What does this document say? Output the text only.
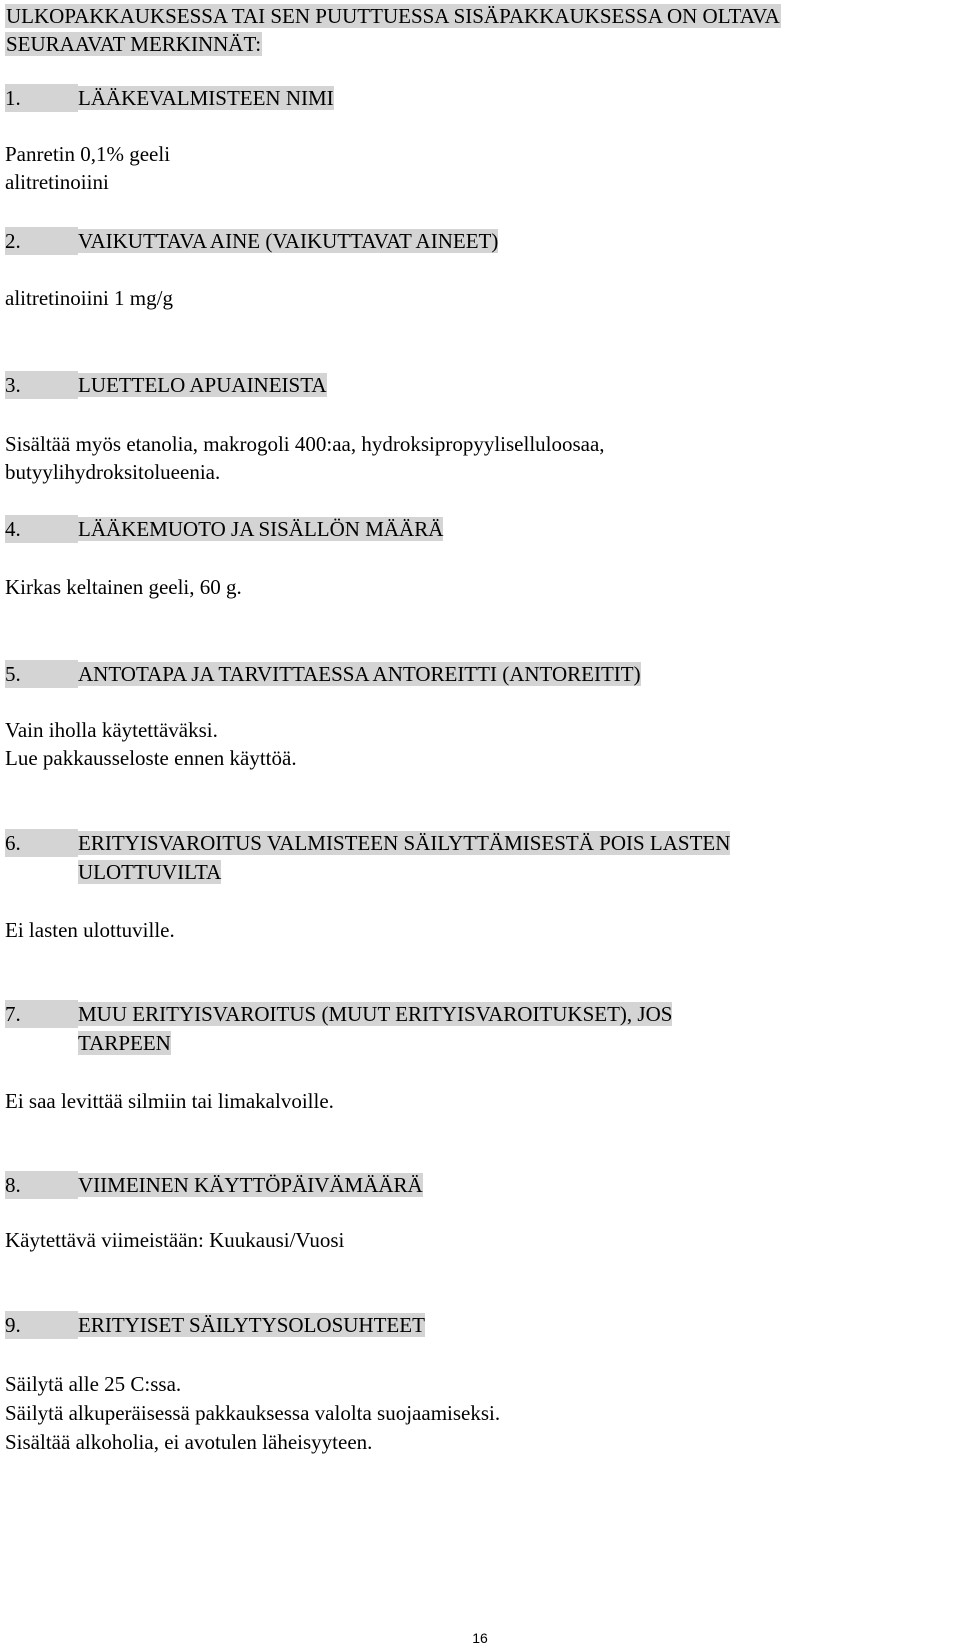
ULKOPAKKAUKSESSA TAI SEN PUUTTUESSA SISÄPAKKAUKSESSA ON OLTAVA
SEURAAVAT MERKINNÄT:
1.	LÄÄKEVALMISTEEN NIMI
Panretin 0,1% geeli
alitretinoiini
2.	VAIKUTTAVA AINE (VAIKUTTAVAT AINEET)
alitretinoiini 1 mg/g
3.	LUETTELO APUAINEISTA
Sisältää myös etanolia, makrogoli 400:aa, hydroksipropyyliselluloosaa,
butyylihydroksitolueenia.
4.	LÄÄKEMUOTO JA SISÄLLÖN MÄÄRÄ
Kirkas keltainen geeli, 60 g.
5.	ANTOTAPA JA TARVITTAESSA ANTOREITTI (ANTOREITIT)
Vain iholla käytettäväksi.
Lue pakkausseloste ennen käyttöä.
6.	ERITYISVAROITUS VALMISTEEN SÄILYTTÄMISESTÄ POIS LASTEN
ULOTTUVILTA
Ei lasten ulottuville.
7.	MUU ERITYISVAROITUS (MUUT ERITYISVAROITUKSET), JOS
TARPEEN
Ei saa levittää silmiin tai limakalvoille.
8.	VIIMEINEN KÄYTTÖPÄIVÄMÄÄRÄ
Käytettävä viimeistään: Kuukausi/Vuosi
9.	ERITYISET SÄILYTYSOLOSUHTEET
Säilytä alle 25 C:ssa.
Säilytä alkuperäisessä pakkauksessa valolta suojaamiseksi.
Sisältää alkoholia, ei avotulen läheisyyteen.
16
